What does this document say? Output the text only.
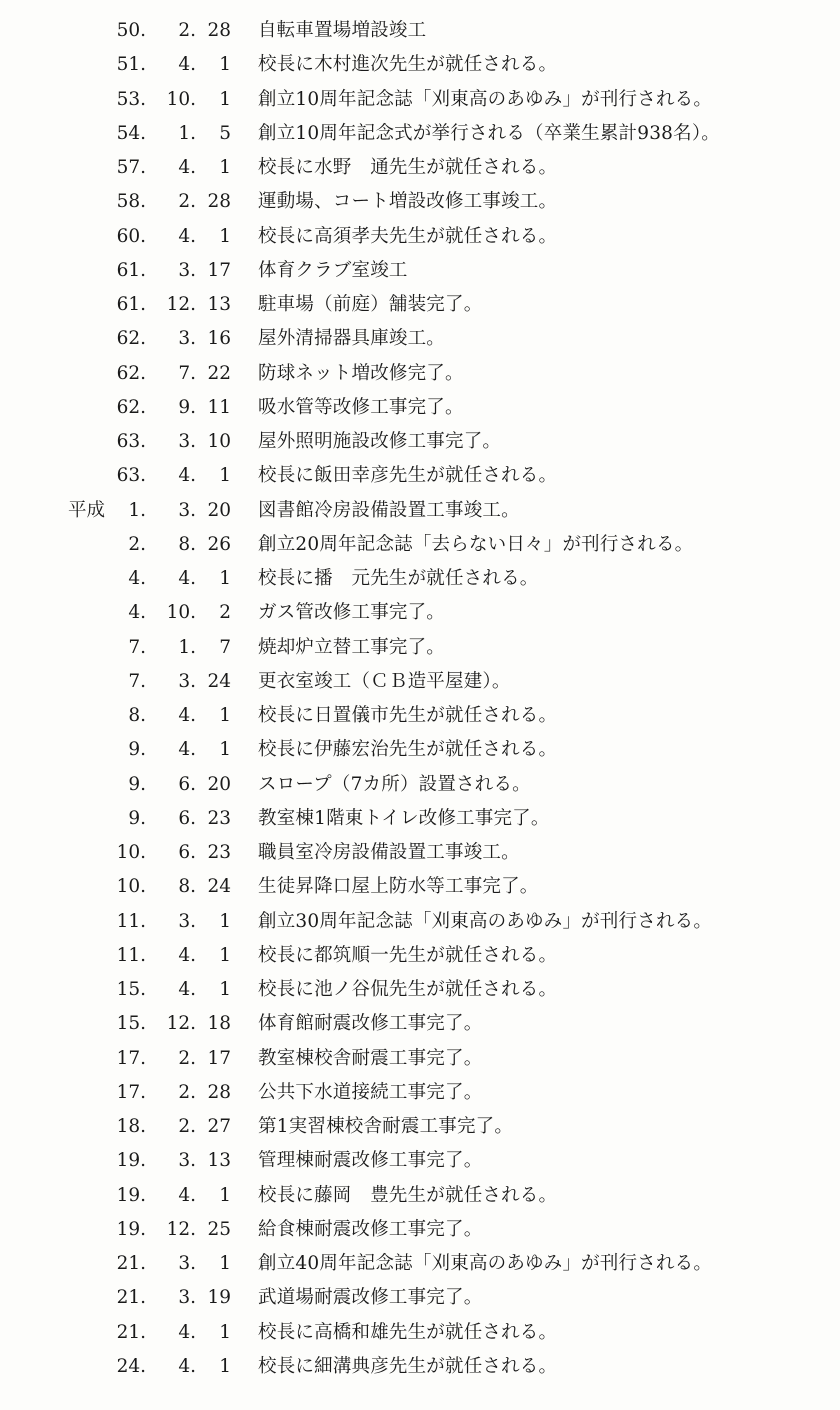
50.	2. 28 自転車置場増設竣工
51.	4.	1 校長に木村進次先生が就任される。
53.	10.	1 創立10周年記念誌「刈東高のあゆみ」が刊行される。
54.	1.	5 創立10周年記念式が挙行される（卒業生累計938名）。
57.	4.	1 校長に水野　通先生が就任される。
58.	2. 28 運動場、コート増設改修工事竣工。
60.	4.	1 校長に高須孝夫先生が就任される。
61.	3. 17 体育クラブ室竣工
61.	12. 13 駐車場（前庭）舗装完了。
62.	3. 16 屋外清掃器具庫竣工。
62.	7. 22 防球ネット増改修完了。
62.	9. 11 吸水管等改修工事完了。
63.	3. 10 屋外照明施設改修工事完了。
63.	4.	1 校長に飯田幸彦先生が就任される。
平成	1.	3. 20 図書館冷房設備設置工事竣工。
2.	8. 26 創立20周年記念誌「去らない日々」が刊行される。
4.	4.	1 校長に播　元先生が就任される。
4.	10.	2 ガス管改修工事完了。
7.	1.	7 焼却炉立替工事完了。
7.	3. 24 更衣室竣工（ＣＢ造平屋建）。
8.	4.	1 校長に日置儀市先生が就任される。
9.	4.	1 校長に伊藤宏治先生が就任される。
9.	6. 20 スロープ（7カ所）設置される。
9.	6. 23 教室棟1階東トイレ改修工事完了。
10.	6. 23 職員室冷房設備設置工事竣工。
10.	8. 24 生徒昇降口屋上防水等工事完了。
11.	3.	1 創立30周年記念誌「刈東高のあゆみ」が刊行される。
11.	4.	1 校長に都筑順一先生が就任される。
15.	4.	1 校長に池ノ谷侃先生が就任される。
15.	12. 18 体育館耐震改修工事完了。
17.	2. 17 教室棟校舎耐震工事完了。
17.	2. 28 公共下水道接続工事完了。
18.	2. 27 第1実習棟校舎耐震工事完了。
19.	3. 13 管理棟耐震改修工事完了。
19.	4.	1 校長に藤岡　豊先生が就任される。
19.	12. 25 給食棟耐震改修工事完了。
21.	3.	1 創立40周年記念誌「刈東高のあゆみ」が刊行される。
21.	3. 19 武道場耐震改修工事完了。
21.	4.	1 校長に高橋和雄先生が就任される。
24.	4.	1 校長に細溝典彦先生が就任される。
